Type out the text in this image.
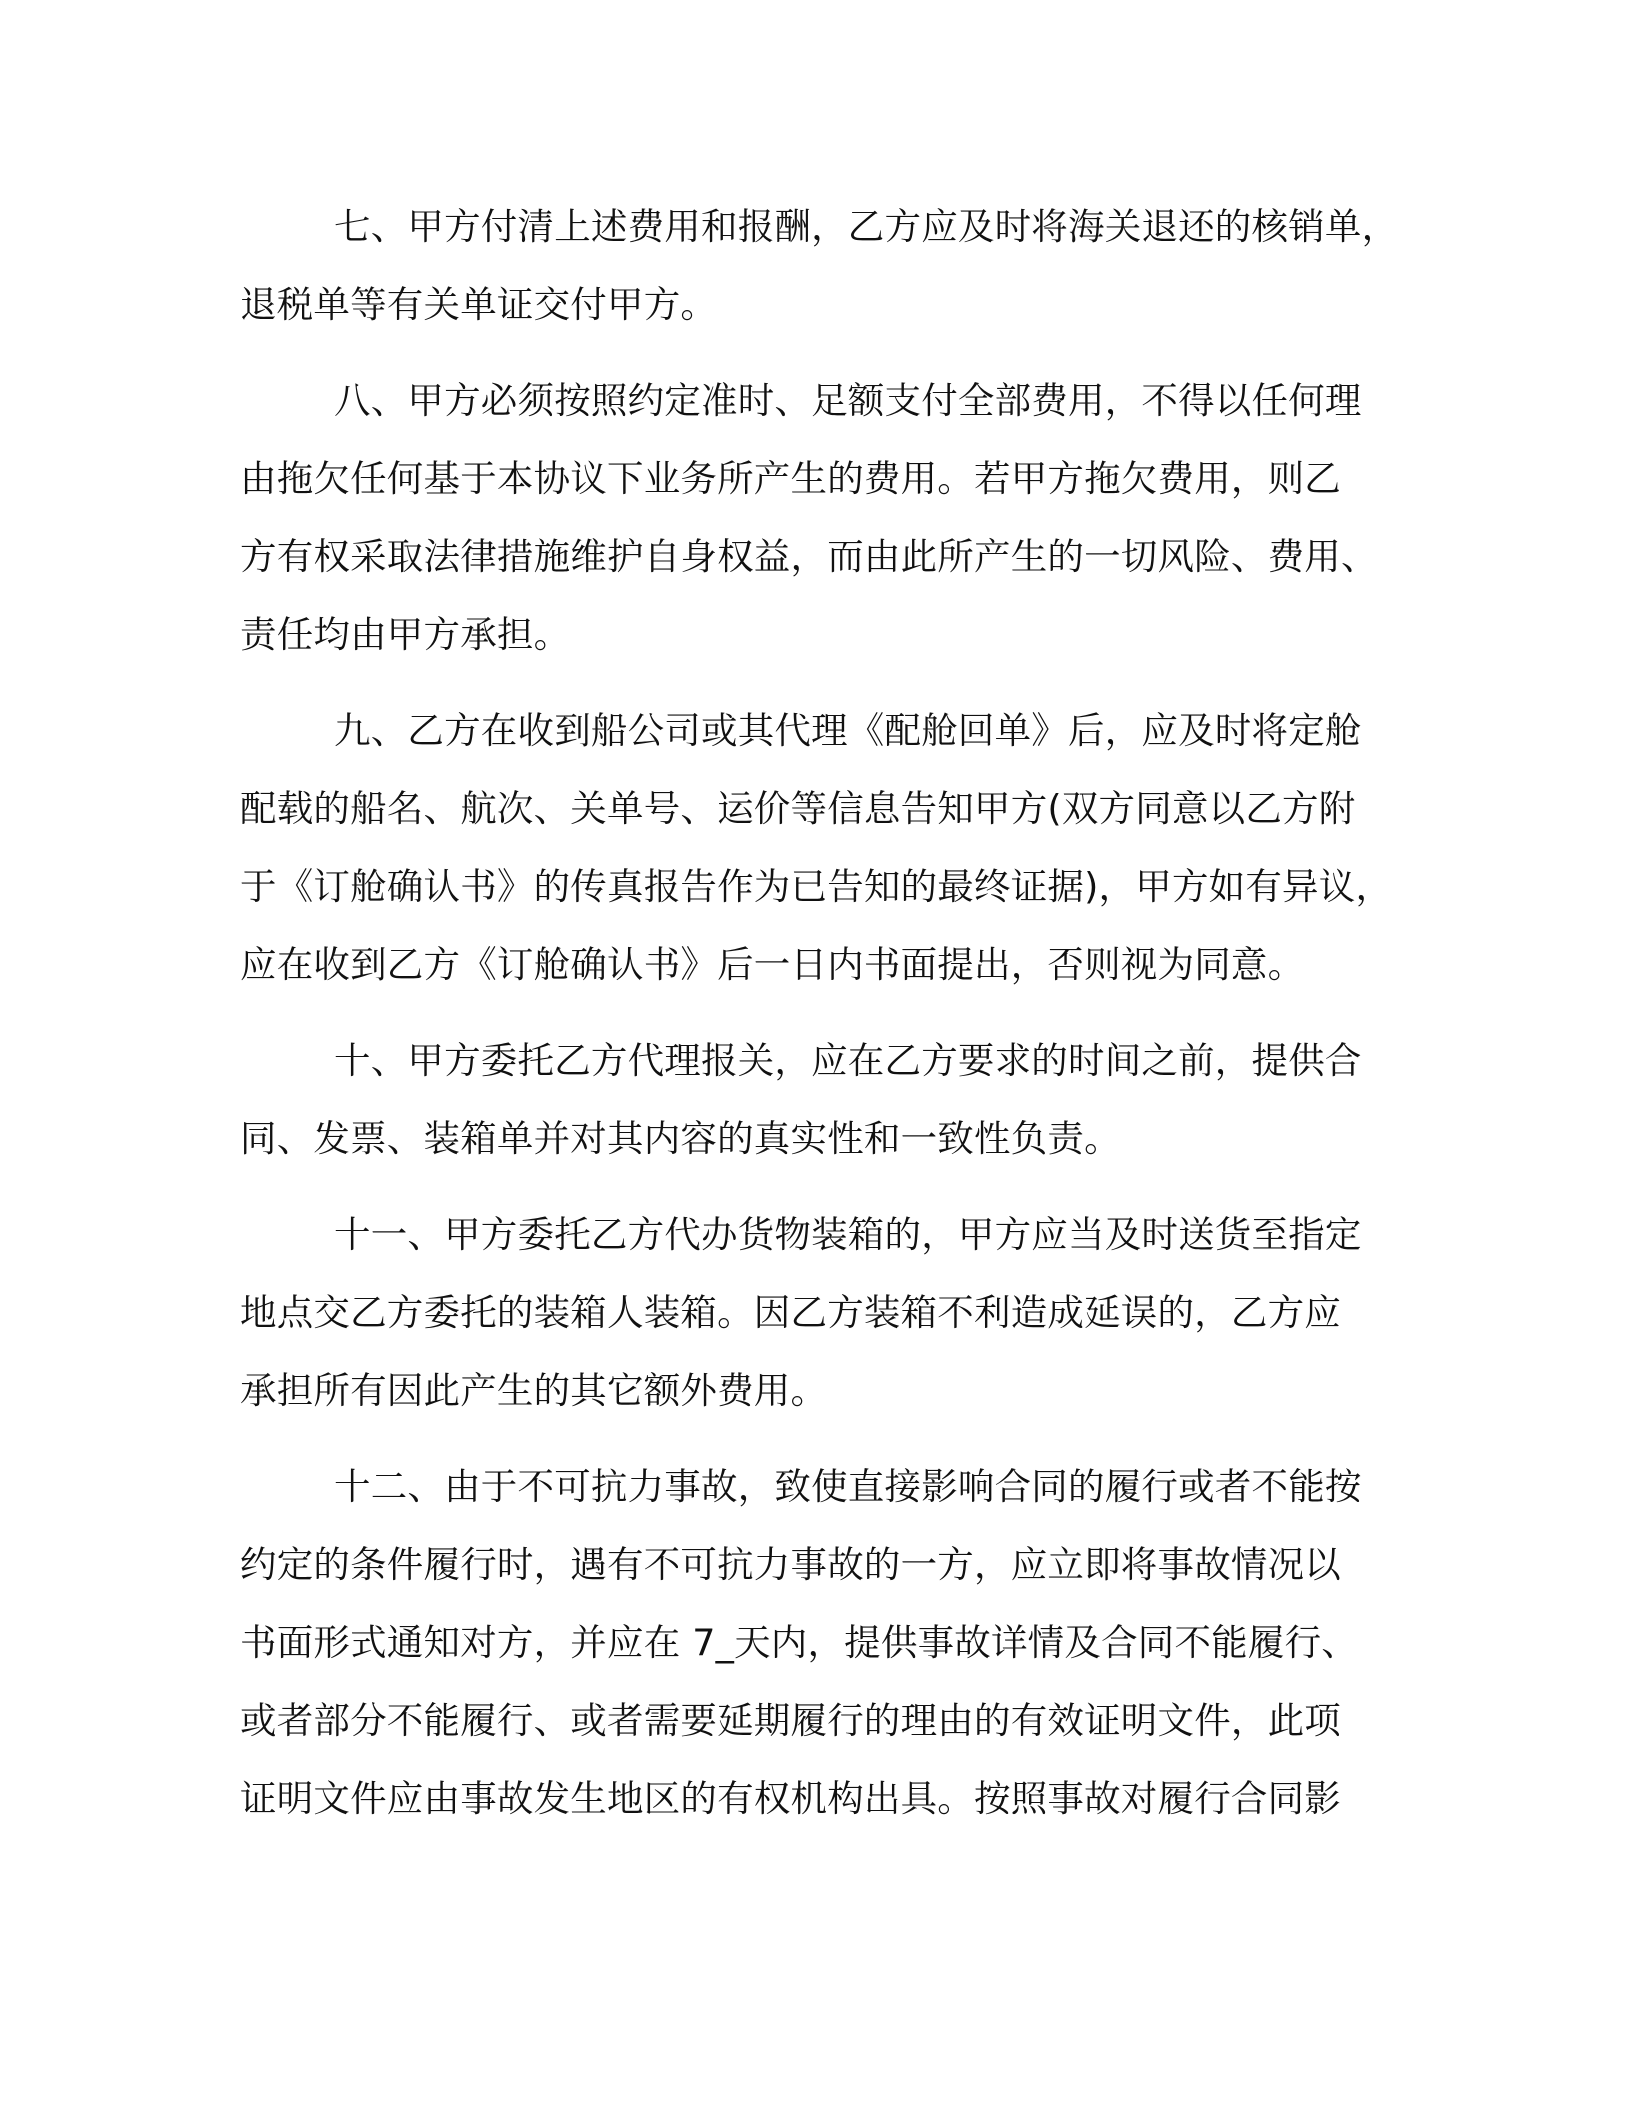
七、甲方付清上述费用和报酬，乙方应及时将海关退还的核销单，
退税单等有关单证交付甲方。
八、甲方必须按照约定准时、足额支付全部费用，不得以任何理
由拖欠任何基于本协议下业务所产生的费用。若甲方拖欠费用，则乙
方有权采取法律措施维护自身权益，而由此所产生的一切风险、费用、
责任均由甲方承担。
九、乙方在收到船公司或其代理《配舱回单》后，应及时将定舱
配载的船名、航次、关单号、运价等信息告知甲方(双方同意以乙方附
于《订舱确认书》的传真报告作为已告知的最终证据)，甲方如有异议，
应在收到乙方《订舱确认书》后一日内书面提出，否则视为同意。
十、甲方委托乙方代理报关，应在乙方要求的时间之前，提供合
同、发票、装箱单并对其内容的真实性和一致性负责。
十一、甲方委托乙方代办货物装箱的，甲方应当及时送货至指定
地点交乙方委托的装箱人装箱。因乙方装箱不利造成延误的，乙方应
承担所有因此产生的其它额外费用。
十二、由于不可抗力事故，致使直接影响合同的履行或者不能按
约定的条件履行时，遇有不可抗力事故的一方，应立即将事故情况以
书面形式通知对方，并应在 7_天内，提供事故详情及合同不能履行、
或者部分不能履行、或者需要延期履行的理由的有效证明文件，此项
证明文件应由事故发生地区的有权机构出具。按照事故对履行合同影
